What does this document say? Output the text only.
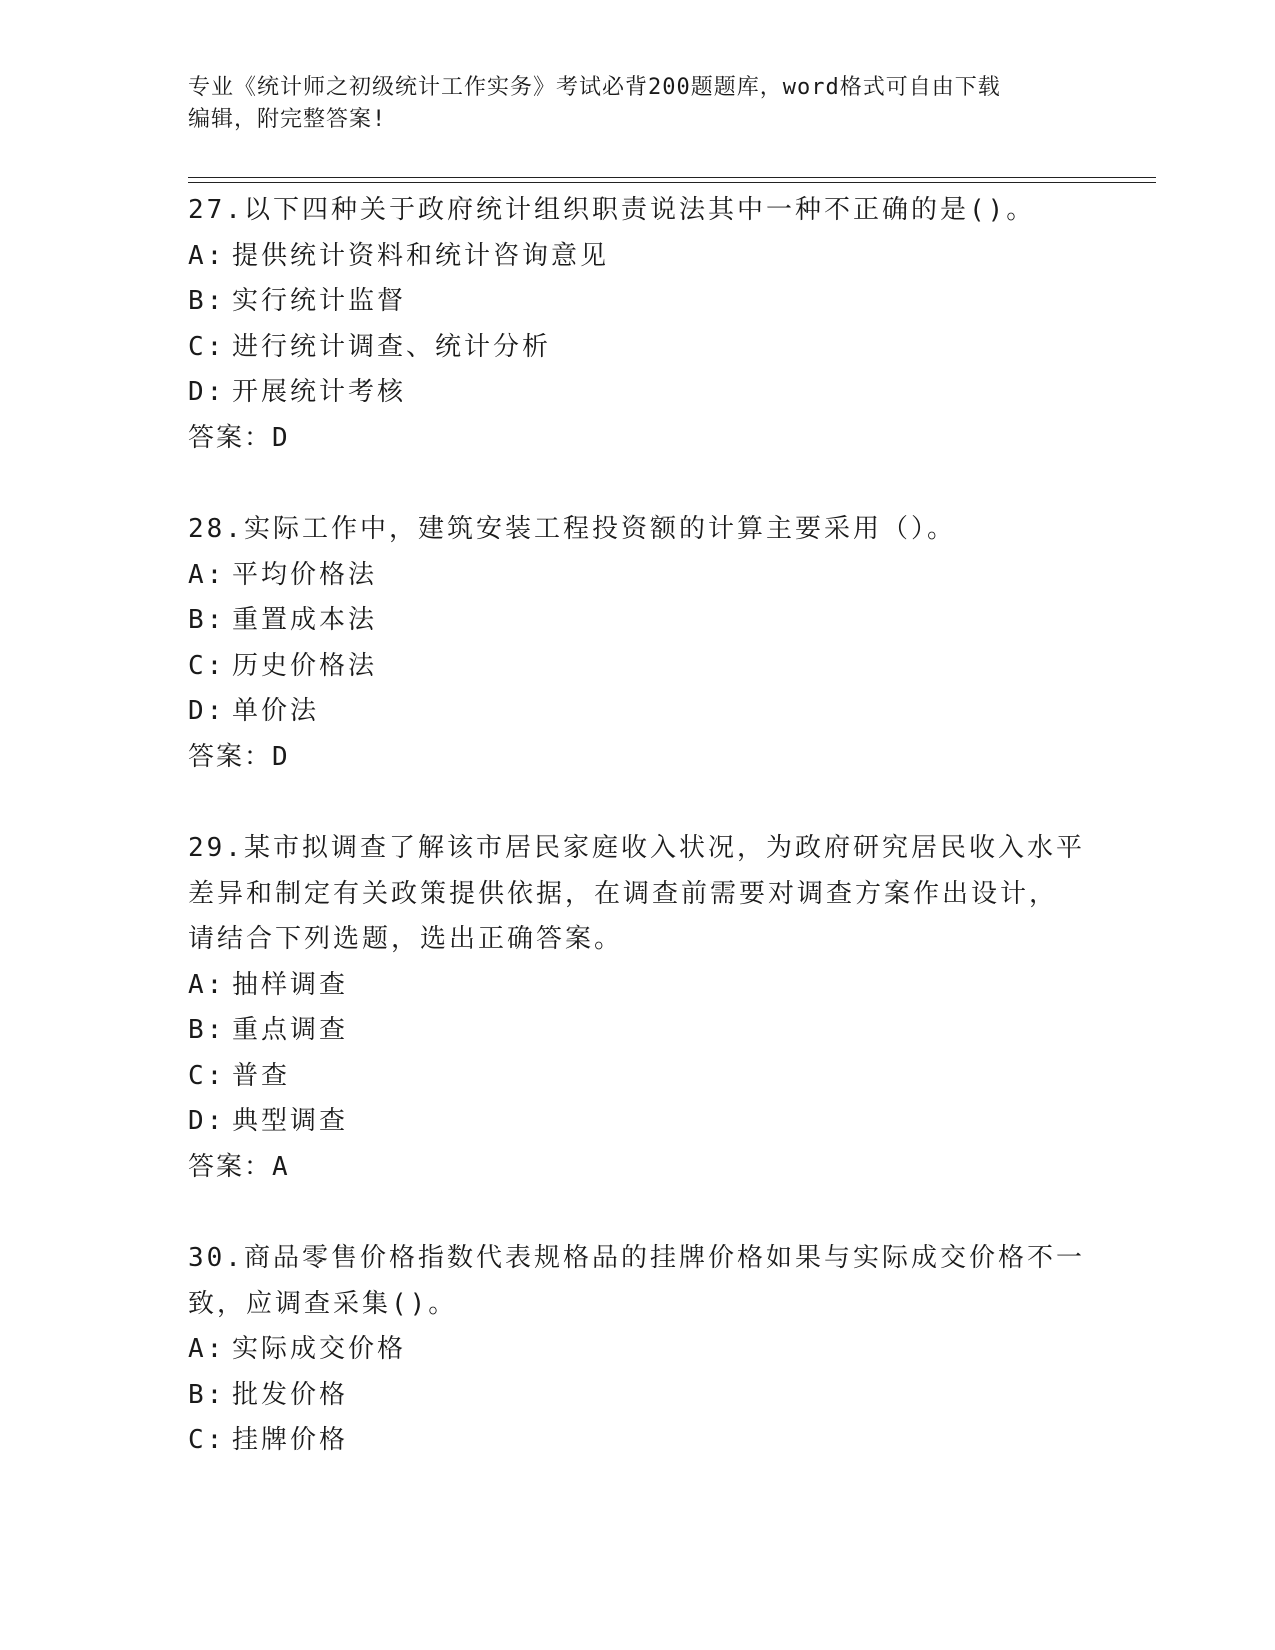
专业《统计师之初级统计工作实务》考试必背200题题库，word格式可自由下载
编辑，附完整答案!

27.以下四种关于政府统计组织职责说法其中一种不正确的是()。

A: 提供统计资料和统计咨询意见

B: 实行统计监督

C: 进行统计调查、统计分析

D: 开展统计考核

答案：D

28.实际工作中，建筑安装工程投资额的计算主要采用（）。

A: 平均价格法

B: 重置成本法

C: 历史价格法

D: 单价法

答案：D

29.某市拟调查了解该市居民家庭收入状况，为政府研究居民收入水平

差异和制定有关政策提供依据，在调查前需要对调查方案作出设计，

请结合下列选题，选出正确答案。

A: 抽样调查

B: 重点调查

C: 普查

D: 典型调查

答案：A

30.商品零售价格指数代表规格品的挂牌价格如果与实际成交价格不一

致，应调查采集()。

A: 实际成交价格

B: 批发价格

C: 挂牌价格
